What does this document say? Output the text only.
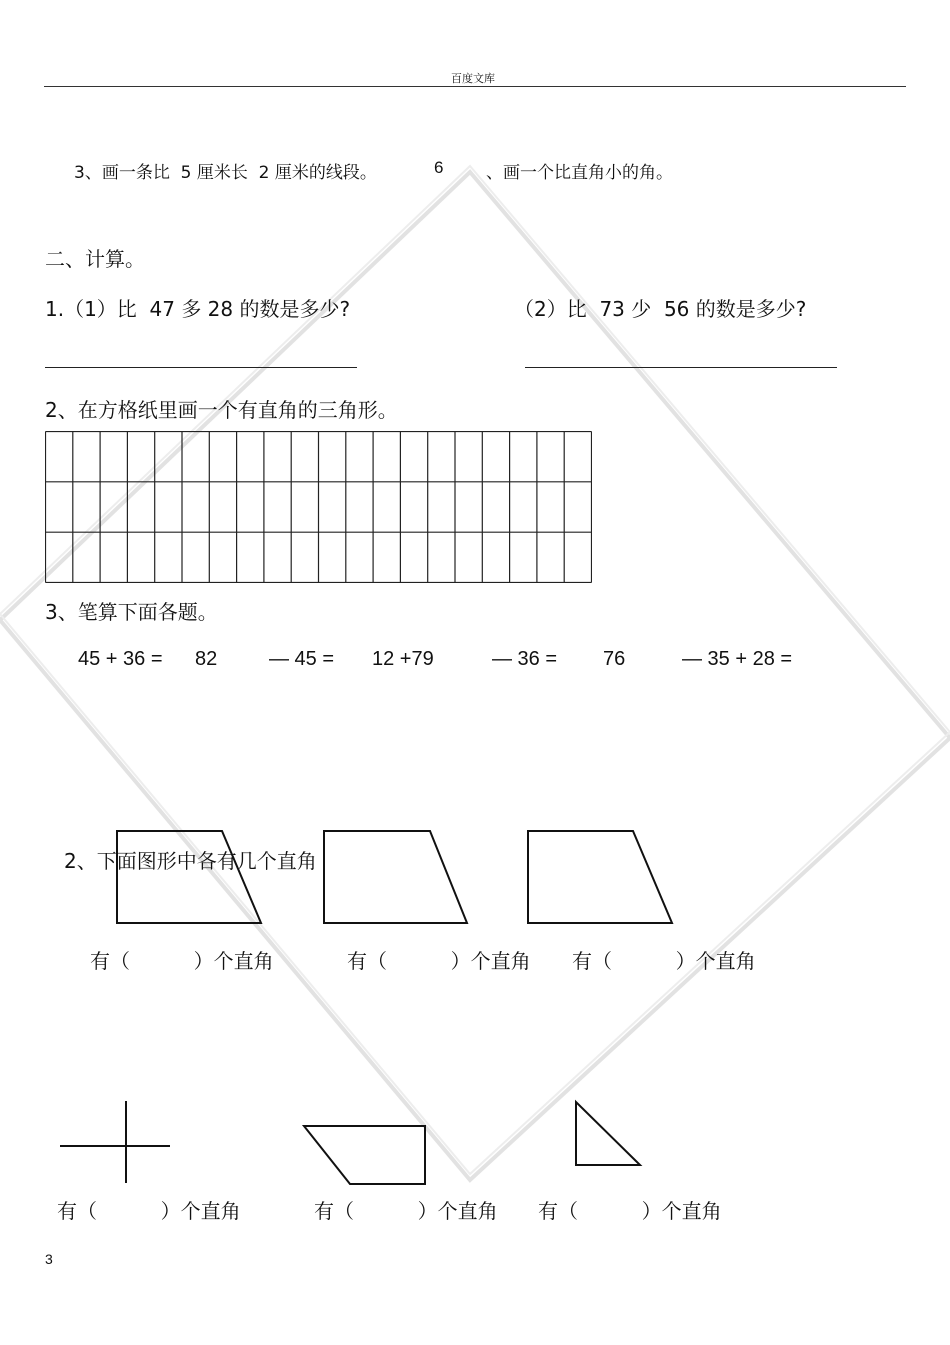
百度文库
3、画一条比  5 厘米长  2 厘米的线段。	6	、画一个比直角小的角。
二、计算。
1.（1）比  47 多 28 的数是多少?	（2）比  73 少  56 的数是多少?
2、在方格纸里画一个有直角的三角形。
3、笔算下面各题。
45 + 36 = 82	— 45 = 12 +79	— 36 = 76	— 35 + 28 =
2、下面图形中各有几个直角
有（          ）个直角	有（          ）个直角 有（          ）个直角
有（          ）个直角	有（          ）个直角 有（          ）个直角
3
